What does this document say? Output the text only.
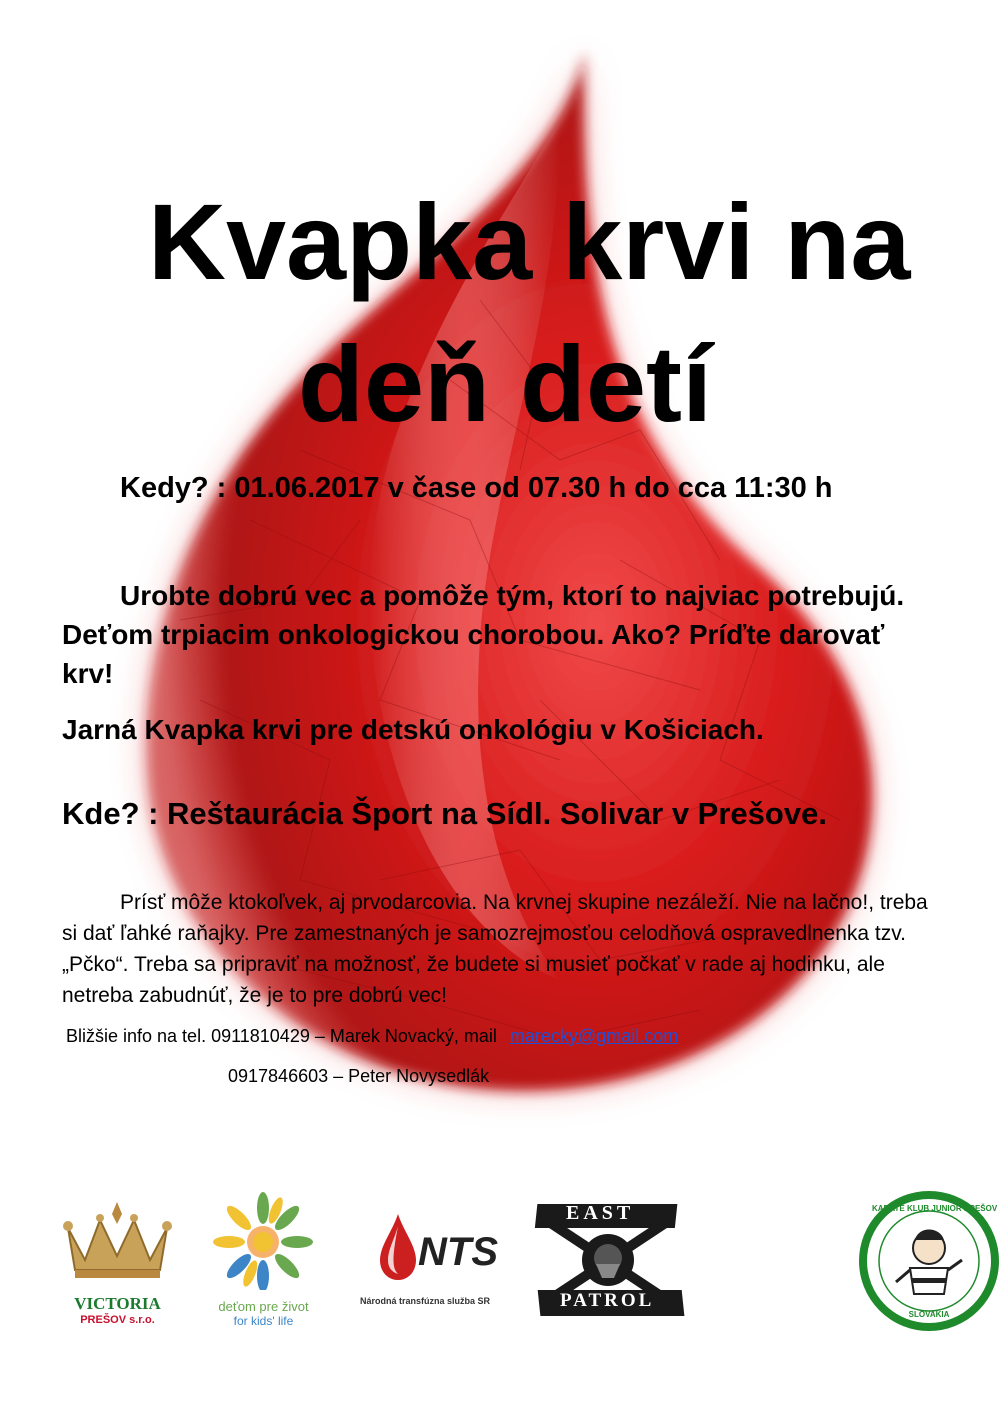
Kvapka krvi na
deň detí
Kedy? : 01.06.2017 v čase od 07.30 h do cca 11:30 h
Urobte dobrú vec a pomôže tým, ktorí to najviac potrebujú. Deťom trpiacim onkologickou chorobou. Ako? Príďte darovať krv!
Jarná Kvapka krvi pre detskú onkológiu v Košiciach.
Kde? : Reštaurácia Šport na Sídl. Solivar v Prešove.
Prísť môže ktokoľvek, aj prvodarcovia. Na krvnej skupine nezáleží. Nie na lačno!, treba si dať ľahké raňajky. Pre zamestnaných je samozrejmosťou celodňová ospravedlnenka tzv. „Pčko“. Treba sa pripraviť na možnosť, že budete si musieť počkať v rade aj hodinku, ale netreba zabudnúť, že je to pre dobrú vec!
Bližšie info na tel. 0911810429 – Marek Novacký, mail marecky@gmail.com
0917846603 – Peter Novysedlák
VICTORIA
PREŠOV s.r.o.
deťom pre život
for kids' life
NTS
Národná transfúzna služba SR
EAST
PATROL
KARATE KLUB JUNIOR PREŠOV
SLOVAKIA
